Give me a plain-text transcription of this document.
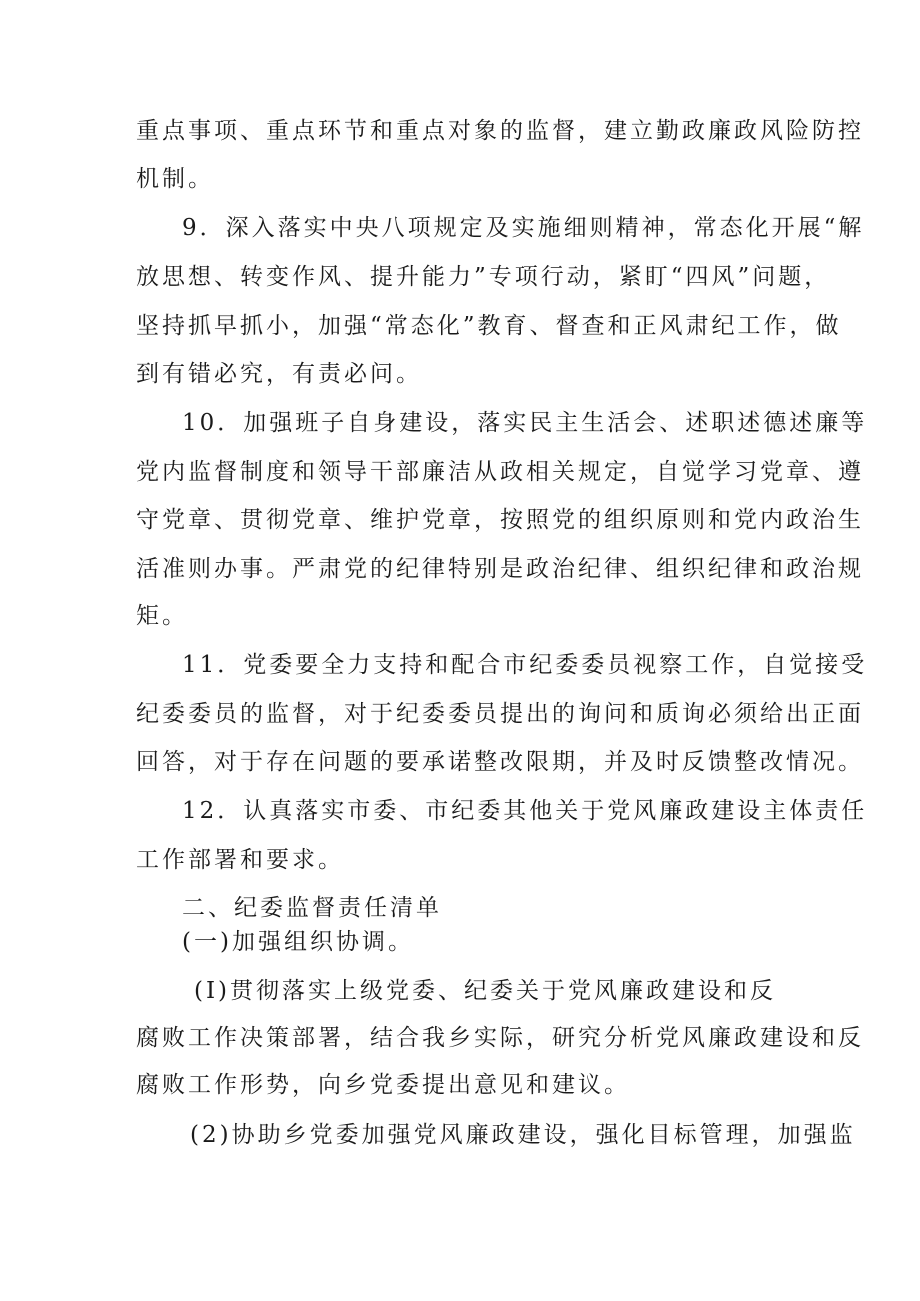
重点事项、重点环节和重点对象的监督，建立勤政廉政风险防控
机制。
9．深入落实中央八项规定及实施细则精神，常态化开展“解
放思想、转变作风、提升能力”专项行动，紧盯“四风”问题，
坚持抓早抓小，加强“常态化”教育、督查和正风肃纪工作，做
到有错必究，有责必问。
10．加强班子自身建设，落实民主生活会、述职述德述廉等
党内监督制度和领导干部廉洁从政相关规定，自觉学习党章、遵
守党章、贯彻党章、维护党章，按照党的组织原则和党内政治生
活准则办事。严肃党的纪律特别是政治纪律、组织纪律和政治规
矩。
11．党委要全力支持和配合市纪委委员视察工作，自觉接受
纪委委员的监督，对于纪委委员提出的询问和质询必须给出正面
回答，对于存在问题的要承诺整改限期，并及时反馈整改情况。
12．认真落实市委、市纪委其他关于党风廉政建设主体责任
工作部署和要求。
二、纪委监督责任清单
(一)加强组织协调。
(I)贯彻落实上级党委、纪委关于党风廉政建设和反
腐败工作决策部署，结合我乡实际，研究分析党风廉政建设和反
腐败工作形势，向乡党委提出意见和建议。
(2)协助乡党委加强党风廉政建设，强化目标管理，加强监
